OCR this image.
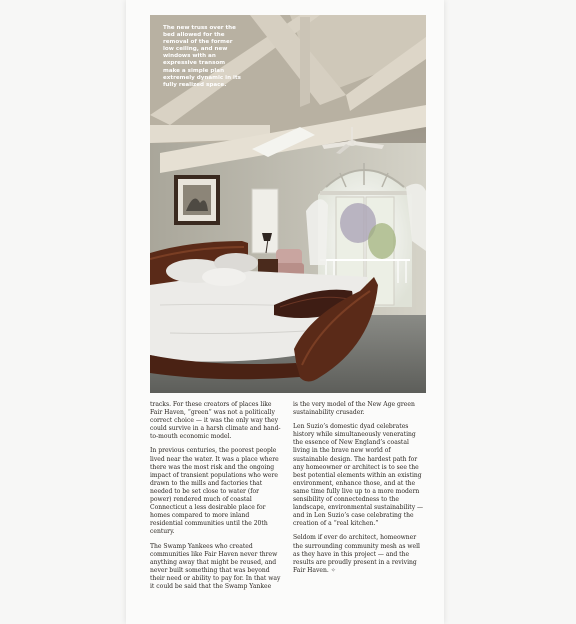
The new truss over the bed allowed for the removal of the former low ceiling, and new windows with an expressive transom make a simple plan extremely dynamic in its fully realized space.

tracks. For these creators of places like Fair Haven, “green” was not a politically correct choice — it was the only way they could survive in a harsh climate and hand-to-mouth economic model.

In previous centuries, the poorest people lived near the water. It was a place where there was the most risk and the ongoing impact of transient populations who were drawn to the mills and factories that needed to be set close to water (for power) rendered much of coastal Connecticut a less desirable place for homes compared to more inland residential communities until the 20th century.

The Swamp Yankees who created communities like Fair Haven never threw anything away that might be reused, and never built something that was beyond their need or ability to pay for. In that way it could be said that the Swamp Yankee

is the very model of the New Age green sustainability crusader.

Len Suzio’s domestic dyad celebrates history while simultaneously venerating the essence of New England’s coastal living in the brave new world of sustainable design. The hardest path for any homeowner or architect is to see the best potential elements within an existing environment, enhance those, and at the same time fully live up to a more modern sensibility of connectedness to the landscape, environmental sustainability — and in Len Suzio’s case celebrating the creation of a “real kitchen.”

Seldom if ever do architect, homeowner the surrounding community mesh as well as they have in this project — and the results are proudly present in a reviving Fair Haven. ✧
